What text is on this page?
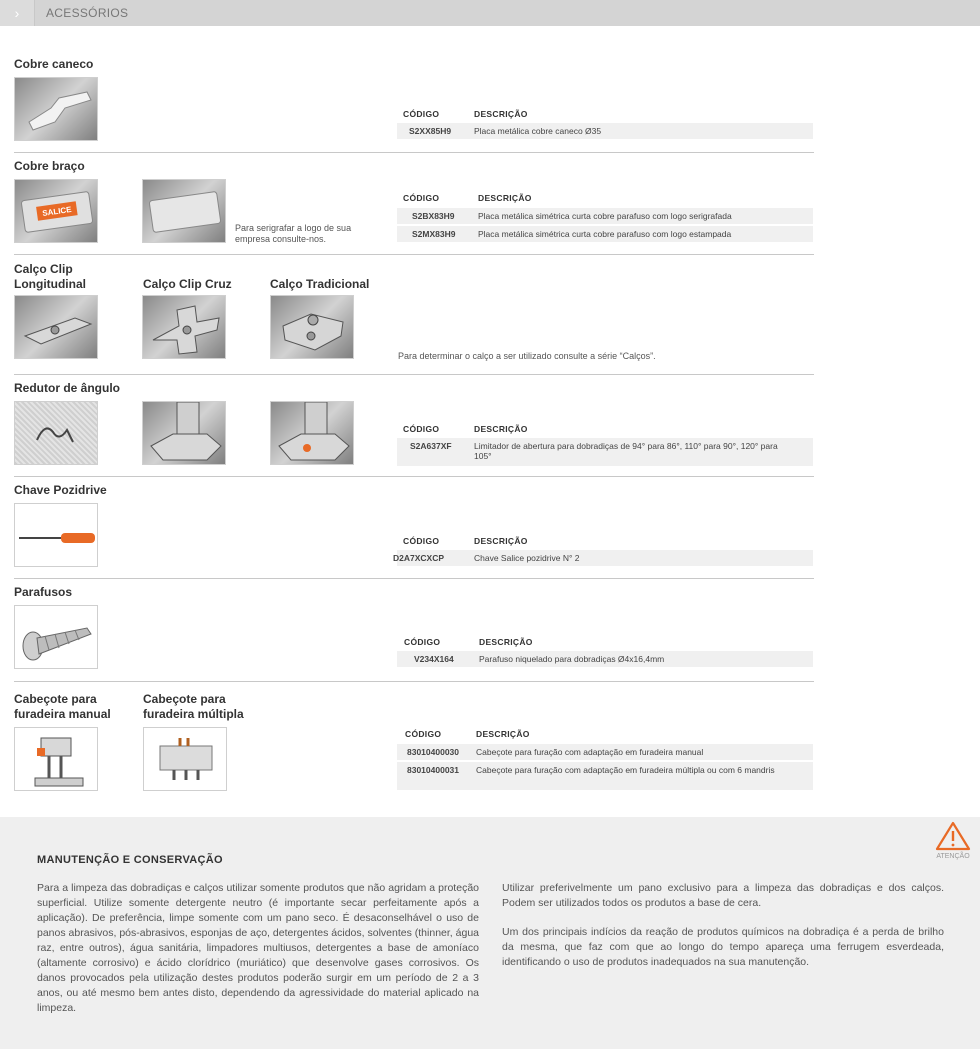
›	ACESSÓRIOS
Cobre caneco
CÓDIGO	DESCRIÇÃO
S2XX85H9	Placa metálica cobre caneco Ø35
Cobre braço
SALICE
Para serigrafar a logo de sua empresa consulte-nos.
CÓDIGO	DESCRIÇÃO
S2BX83H9	Placa metálica simétrica curta cobre parafuso com logo serigrafada
S2MX83H9	Placa metálica simétrica curta cobre parafuso com logo estampada
Calço Clip Longitudinal	Calço Clip Cruz	Calço Tradicional
Para determinar o calço a ser utilizado consulte a série “Calços”.
Redutor de ângulo
CÓDIGO	DESCRIÇÃO
S2A637XF	Limitador de abertura para dobradiças de 94° para 86°, 110° para 90°, 120° para 105°
Chave Pozidrive
CÓDIGO	DESCRIÇÃO
D2A7XCXCP	Chave Salice pozidrive N° 2
Parafusos
CÓDIGO	DESCRIÇÃO
V234X164	Parafuso niquelado para dobradiças Ø4x16,4mm
Cabeçote para furadeira manual
Cabeçote para furadeira múltipla
CÓDIGO	DESCRIÇÃO
83010400030 Cabeçote para furação com adaptação em furadeira manual
83010400031 Cabeçote para furação com adaptação em furadeira múltipla ou com 6 mandris
ATENÇÃO
MANUTENÇÃO E CONSERVAÇÃO
Para a limpeza das dobradiças e calços utilizar somente produtos que não agridam a proteção superficial. Utilize somente detergente neutro (é importante secar perfeitamente após a aplicação). De preferência, limpe somente com um pano seco. É desaconselhável o uso de panos abrasivos, pós-abrasivos, esponjas de aço, detergentes ácidos, solventes (thinner, água raz, entre outros), água sanitária, limpadores multiusos, detergentes a base de amoníaco (altamente corrosivo) e ácido clorídrico (muriático) que desenvolve gases corrosivos. Os danos provocados pela utilização destes produtos poderão surgir em um período de 2 a 3 anos, ou até mesmo bem antes disto, dependendo da agressividade do material aplicado na limpeza.
Utilizar preferivelmente um pano exclusivo para a limpeza das dobradiças e dos calços. Podem ser utilizados todos os produtos a base de cera.
Um dos principais indícios da reação de produtos químicos na dobradiça é a perda de brilho da mesma, que faz com que ao longo do tempo apareça uma ferrugem esverdeada, identificando o uso de produtos inadequados na sua manutenção.
